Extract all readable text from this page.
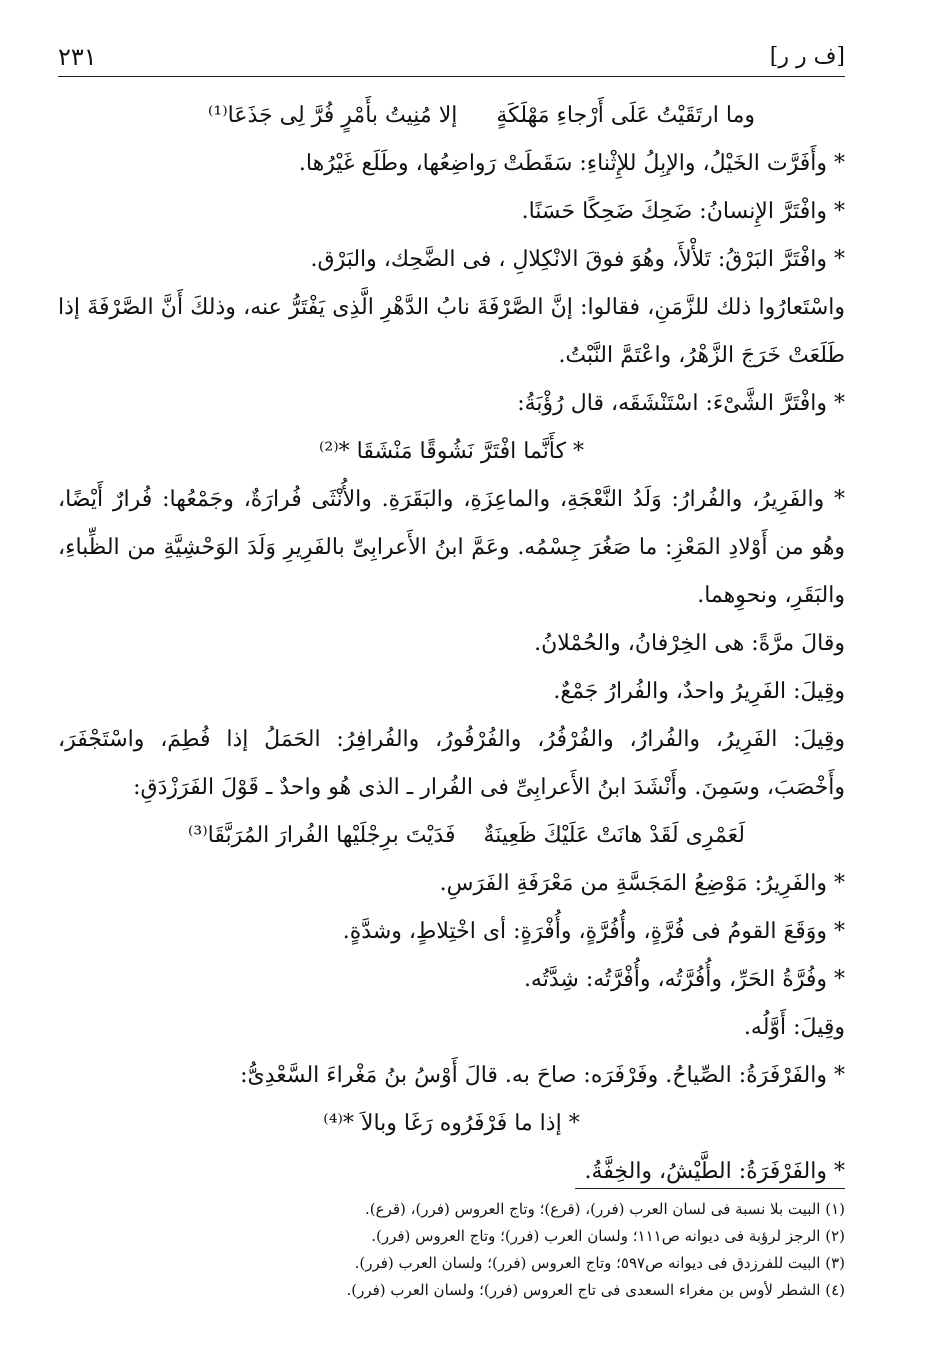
[ف ر ر]
٢٣١
وما ارتَقَيْتُ عَلَى أَرْجاءِ مَهْلَكَةٍ
إلا مُنِيتُ بأَمْرٍ فُرَّ لِى جَذَعَا⁽¹⁾
* وأَفَرَّت الخَيْلُ، والإبِلُ للإِثْناءِ: سَقَطَتْ رَواضِعُها، وطَلَع غَيْرُها.
* وافْتَرَّ الإِنسانُ: ضَحِكَ ضَحِكًا حَسَنًا.
* وافْتَرَّ البَرْقُ: تَلأْلأَ، وهُوَ فوقَ الانْكِلالِ ، فى الضَّحِك، والبَرْق.
واسْتَعارُوا ذلك للزَّمَنِ، فقالوا: إنَّ الصَّرْفَةَ نابُ الدَّهْرِ الَّذِى يَفْتَرُّ عنه، وذلكَ أَنَّ الصَّرْفَةَ إذا طَلَعَتْ خَرَجَ الزَّهْرُ، واعْتَمَّ النَّبْتُ.
* وافْتَرَّ الشَّىْءَ: اسْتَنْشَقَه، قال رُؤْبَةُ:
* كأَنَّما افْتَرَّ نَشُوقًا مَنْشَقَا *⁽²⁾
* والفَرِيرُ، والفُرارُ: وَلَدُ النَّعْجَةِ، والماعِزَةِ، والبَقَرَةِ. والأُنْثَى فُرارَةٌ، وجَمْعُها: فُرارٌ أَيْضًا، وهُو من أَوْلادِ المَعْزِ: ما صَغُرَ جِسْمُه. وعَمَّ ابنُ الأَعرابِىِّ بالفَرِيرِ وَلَدَ الوَحْشِيَّةِ من الظِّباءِ، والبَقَرِ، ونحوِهما.
وقالَ مرَّةً: هى الخِرْفانُ، والحُمْلانُ.
وقِيلَ: الفَرِيرُ واحدٌ، والفُرارُ جَمْعٌ.
وقِيلَ: الفَرِيرُ، والفُرارُ، والفُرْفُرُ، والفُرْفُورُ، والفُرافِرُ: الحَمَلُ إذا فُطِمَ، واسْتَجْفَرَ، وأَخْصَبَ، وسَمِنَ. وأَنْشَدَ ابنُ الأَعرابِىِّ فى الفُرار ـ الذى هُو واحدٌ ـ قَوْلَ الفَرَزْدَقِ:
لَعَمْرِى لَقَدْ هانَتْ عَلَيْكَ ظَعِينَةٌ
فَدَيْتَ برِجْلَيْها الفُرارَ المُرَبَّقَا⁽³⁾
* والفَرِيرُ: مَوْضِعُ المَجَسَّةِ من مَعْرَفَةِ الفَرَسِ.
* ووَقَعَ القومُ فى فُرَّةٍ، وأُفُرَّةٍ، وأُفْرَةٍ: أى اخْتِلاطٍ، وشدَّةٍ.
* وفُرَّةُ الحَرِّ، وأُفُرَّتُه، وأُفْرَّتُه: شِدَّتُه.
وقِيلَ: أَوَّلُه.
* والفَرْفَرَةُ: الصِّياحُ. وفَرْفَرَه: صاحَ به. قالَ أَوْسُ بنُ مَغْراءَ السَّعْدِىُّ:
* إذا ما فَرْفَرُوه رَغَا وبالاَ *⁽⁴⁾
* والفَرْفَرَةُ: الطَّيْشُ، والخِفَّةُ.
(١) البيت بلا نسبة فى لسان العرب (فرر)، (قرع)؛ وتاج العروس (فرر)، (قرع).
(٢) الرجز لرؤبة فى ديوانه ص١١١؛ ولسان العرب (فرر)؛ وتاج العروس (فرر).
(٣) البيت للفرزدق فى ديوانه ص٥٩٧؛ وتاج العروس (فرر)؛ ولسان العرب (فرر).
(٤) الشطر لأوس بن مغراء السعدى فى تاج العروس (فرر)؛ ولسان العرب (فرر).
